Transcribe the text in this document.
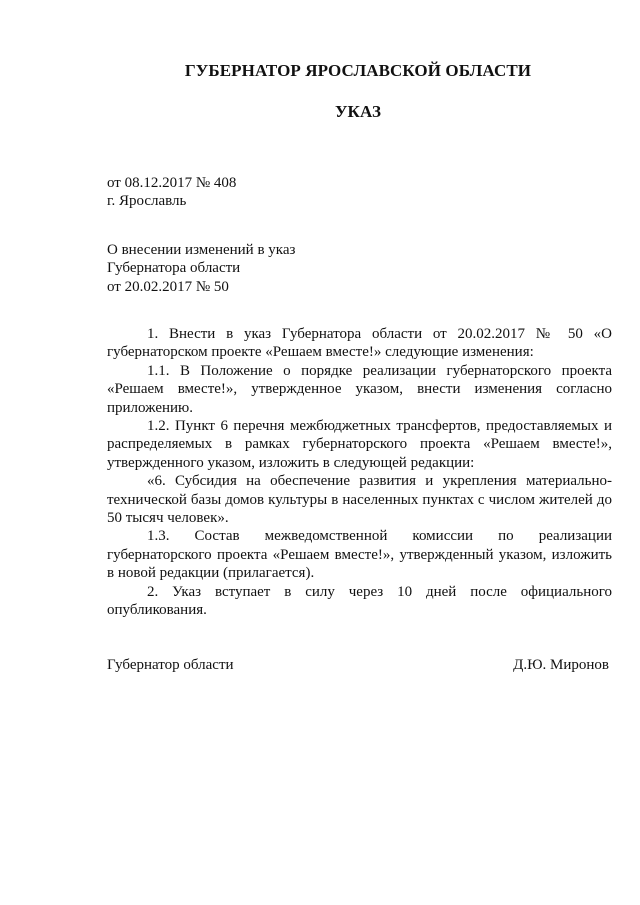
ГУБЕРНАТОР ЯРОСЛАВСКОЙ ОБЛАСТИ
УКАЗ
от 08.12.2017 № 408
г. Ярославль
О внесении изменений в указ
Губернатора области
от 20.02.2017 № 50

1. Внести в указ Губернатора области от 20.02.2017 № 50 «О губернаторском проекте «Решаем вместе!» следующие изменения:

1.1. В Положение о порядке реализации губернаторского проекта «Решаем вместе!», утвержденное указом, внести изменения согласно приложению.

1.2. Пункт 6 перечня межбюджетных трансфертов, предоставляемых и распределяемых в рамках губернаторского проекта «Решаем вместе!», утвержденного указом, изложить в следующей редакции:

«6. Субсидия на обеспечение развития и укрепления материально-технической базы домов культуры в населенных пунктах с числом жителей до 50 тысяч человек».

1.3. Состав межведомственной комиссии по реализации губернаторского проекта «Решаем вместе!», утвержденный указом, изложить в новой редакции (прилагается).

2. Указ вступает в силу через 10 дней после официального опубликования.

Губернатор области	Д.Ю. Миронов
